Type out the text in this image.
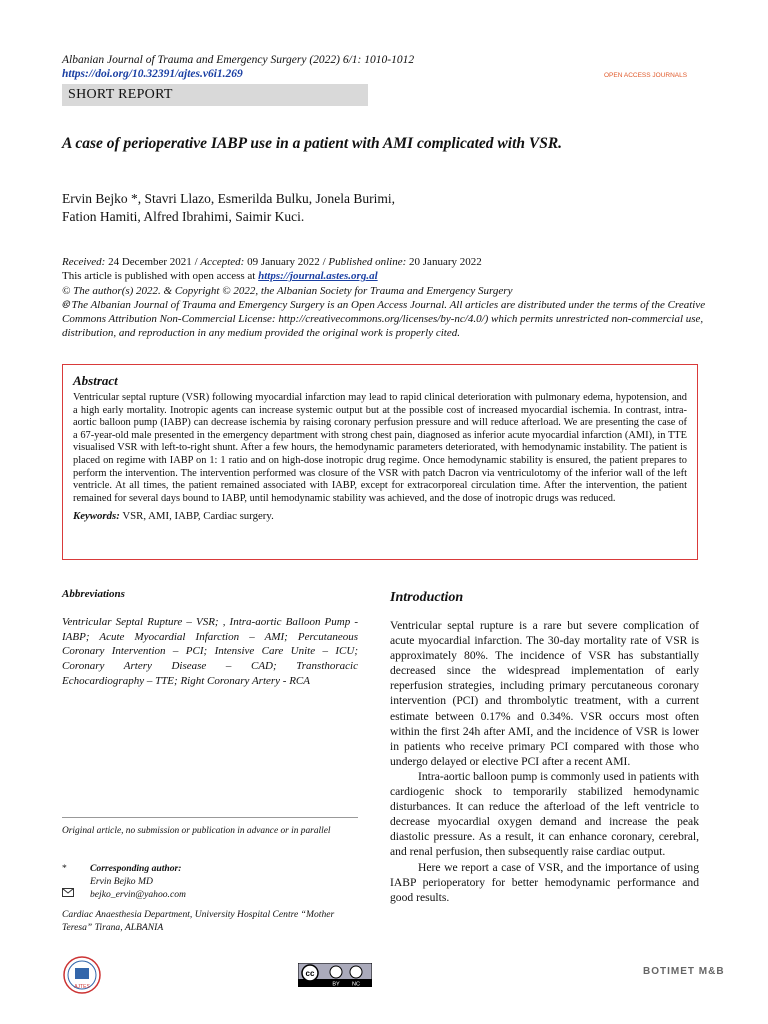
Albanian Journal of Trauma and Emergency Surgery (2022) 6/1: 1010-1012
https://doi.org/10.32391/ajtes.v6i1.269	OPEN ACCESS JOURNALS
SHORT REPORT
A case of perioperative IABP use in a patient with AMI complicated with VSR.
Ervin Bejko *, Stavri Llazo, Esmerilda Bulku, Jonela Burimi,
Fation Hamiti, Alfred Ibrahimi, Saimir Kuci.
Received: 24 December 2021 / Accepted: 09 January 2022 / Published online: 20 January 2022
This article is published with open access at https://journal.astes.org.al
© The author(s) 2022. & Copyright © 2022, the Albanian Society for Trauma and Emergency Surgery
🅭 The Albanian Journal of Trauma and Emergency Surgery is an Open Access Journal. All articles are distributed under the terms of the Creative Commons Attribution Non-Commercial License: http://creativecommons.org/licenses/by-nc/4.0/) which permits unrestricted non-commercial use, distribution, and reproduction in any medium provided the original work is properly cited.
Abstract

Ventricular septal rupture (VSR) following myocardial infarction may lead to rapid clinical deterioration with pulmonary edema, hypotension, and a high early mortality. Inotropic agents can increase systemic output but at the possible cost of increased myocardial ischemia. In contrast, intra-aortic balloon pump (IABP) can decrease ischemia by raising coronary perfusion pressure and will reduce afterload. We are presenting the case of a 67-year-old male presented in the emergency department with strong chest pain, diagnosed as inferior acute myocardial infarction (AMI), in TTE visualised VSR with left-to-right shunt. After a few hours, the hemodynamic parameters deteriorated, with hemodynamic instability. The patient is placed on regime with IABP on 1: 1 ratio and on high-dose inotropic drug regime. Once hemodynamic stability is ensured, the patient prepares to perform the intervention. The intervention performed was closure of the VSR with patch Dacron via ventriculotomy of the inferior wall of the left ventricle. At all times, the patient remained associated with IABP, except for extracorporeal circulation time. After the intervention, the patient remained for several days bound to IABP, until hemodynamic stability was achieved, and the dose of inotropic drugs was reduced.

Keywords: VSR, AMI, IABP, Cardiac surgery.

Abbreviations
Ventricular Septal Rupture – VSR; , Intra-aortic Balloon Pump - IABP; Acute Myocardial Infarction – AMI; Percutaneous Coronary Intervention – PCI; Intensive Care Unite – ICU; Coronary Artery Disease – CAD; Transthoracic Echocardiography – TTE; Right Coronary Artery - RCA
Original article, no submission or publication in advance or in parallel
*	Corresponding author:
Ervin Bejko MD
bejko_ervin@yahoo.com
Cardiac Anaesthesia Department, University Hospital Centre “Mother Teresa” Tirana, ALBANIA
Introduction

Ventricular septal rupture is a rare but severe complication of acute myocardial infarction. The 30-day mortality rate of VSR is approximately 80%. The incidence of VSR has substantially decreased since the widespread implementation of early reperfusion strategies, including primary percutaneous coronary intervention (PCI) and thrombolytic treatment, with a current estimate between 0.17% and 0.34%. VSR occurs most often within the first 24h after AMI, and the incidence of VSR is lower in patients who receive primary PCI compared with those who undergo delayed or elective PCI after a recent AMI.

Intra-aortic balloon pump is commonly used in patients with cardiogenic shock to temporarily stabilized hemodynamic disturbances. It can reduce the afterload of the left ventricle to decrease myocardial oxygen demand and increase the peak diastolic pressure. As a result, it can enhance coronary, cerebral, and renal perfusion, then subsequently raise cardiac output.

Here we report a case of VSR, and the importance of using IABP perioperatory for better hemodynamic performance and good results.

AJTES
cc
BY NC
BOTIMET M&B
